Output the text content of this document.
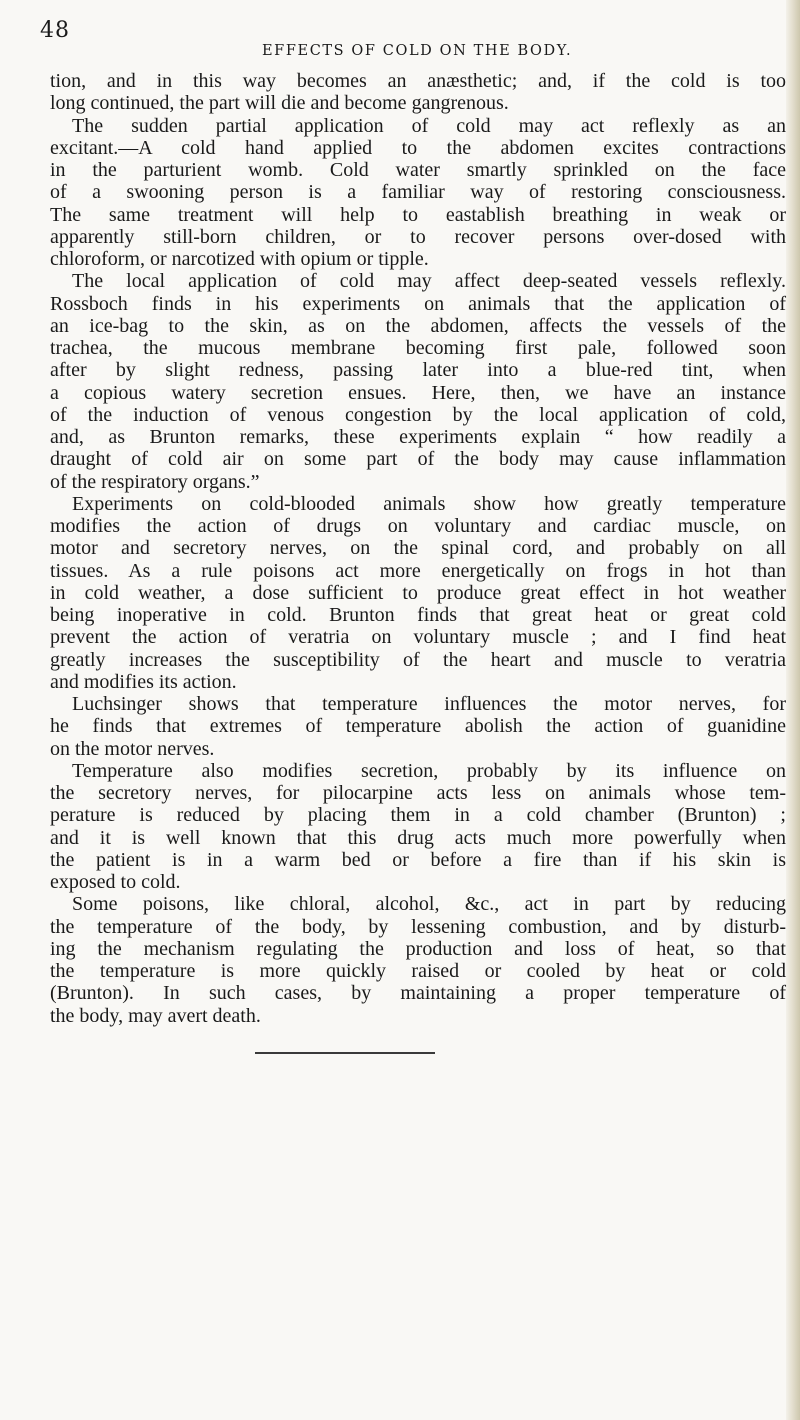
48
EFFECTS OF COLD ON THE BODY.
tion, and in this way becomes an anæsthetic; and, if the cold is too
long continued, the part will die and become gangrenous.
The sudden partial application of cold may act reflexly as an
excitant.—A cold hand applied to the abdomen excites contractions
in the parturient womb. Cold water smartly sprinkled on the face
of a swooning person is a familiar way of restoring consciousness.
The same treatment will help to eastablish breathing in weak or
apparently still-born children, or to recover persons over-dosed with
chloroform, or narcotized with opium or tipple.
The local application of cold may affect deep-seated vessels reflexly.
Rossboch finds in his experiments on animals that the application of
an ice-bag to the skin, as on the abdomen, affects the vessels of the
trachea, the mucous membrane becoming first pale, followed soon
after by slight redness, passing later into a blue-red tint, when
a copious watery secretion ensues. Here, then, we have an instance
of the induction of venous congestion by the local application of cold,
and, as Brunton remarks, these experiments explain “ how readily a
draught of cold air on some part of the body may cause inflammation
of the respiratory organs.”
Experiments on cold-blooded animals show how greatly temperature
modifies the action of drugs on voluntary and cardiac muscle, on
motor and secretory nerves, on the spinal cord, and probably on all
tissues. As a rule poisons act more energetically on frogs in hot than
in cold weather, a dose sufficient to produce great effect in hot weather
being inoperative in cold. Brunton finds that great heat or great cold
prevent the action of veratria on voluntary muscle ; and I find heat
greatly increases the susceptibility of the heart and muscle to veratria
and modifies its action.
Luchsinger shows that temperature influences the motor nerves, for
he finds that extremes of temperature abolish the action of guanidine
on the motor nerves.
Temperature also modifies secretion, probably by its influence on
the secretory nerves, for pilocarpine acts less on animals whose tem-
perature is reduced by placing them in a cold chamber (Brunton) ;
and it is well known that this drug acts much more powerfully when
the patient is in a warm bed or before a fire than if his skin is
exposed to cold.
Some poisons, like chloral, alcohol, &c., act in part by reducing
the temperature of the body, by lessening combustion, and by disturb-
ing the mechanism regulating the production and loss of heat, so that
the temperature is more quickly raised or cooled by heat or cold
(Brunton). In such cases, by maintaining a proper temperature of
the body, may avert death.
